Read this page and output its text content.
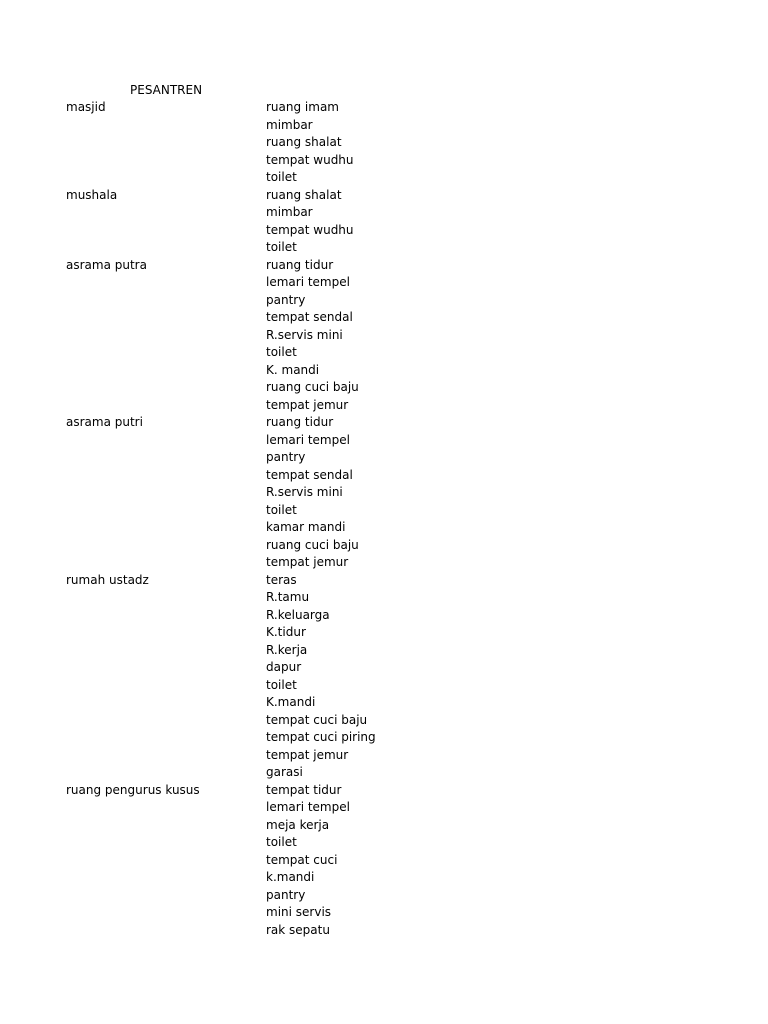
PESANTREN
masjid	ruang imam
mimbar
ruang shalat
tempat wudhu
toilet
mushala	ruang shalat
mimbar
tempat wudhu
toilet
asrama putra	ruang tidur
lemari tempel
pantry
tempat sendal
R.servis mini
toilet
K. mandi
ruang cuci baju
tempat jemur
asrama putri	ruang tidur
lemari tempel
pantry
tempat sendal
R.servis mini
toilet
kamar mandi
ruang cuci baju
tempat jemur
rumah ustadz	teras
R.tamu
R.keluarga
K.tidur
R.kerja
dapur
toilet
K.mandi
tempat cuci baju
tempat cuci piring
tempat jemur
garasi
ruang pengurus kusus	tempat tidur
lemari tempel
meja kerja
toilet
tempat cuci
k.mandi
pantry
mini servis
rak sepatu
